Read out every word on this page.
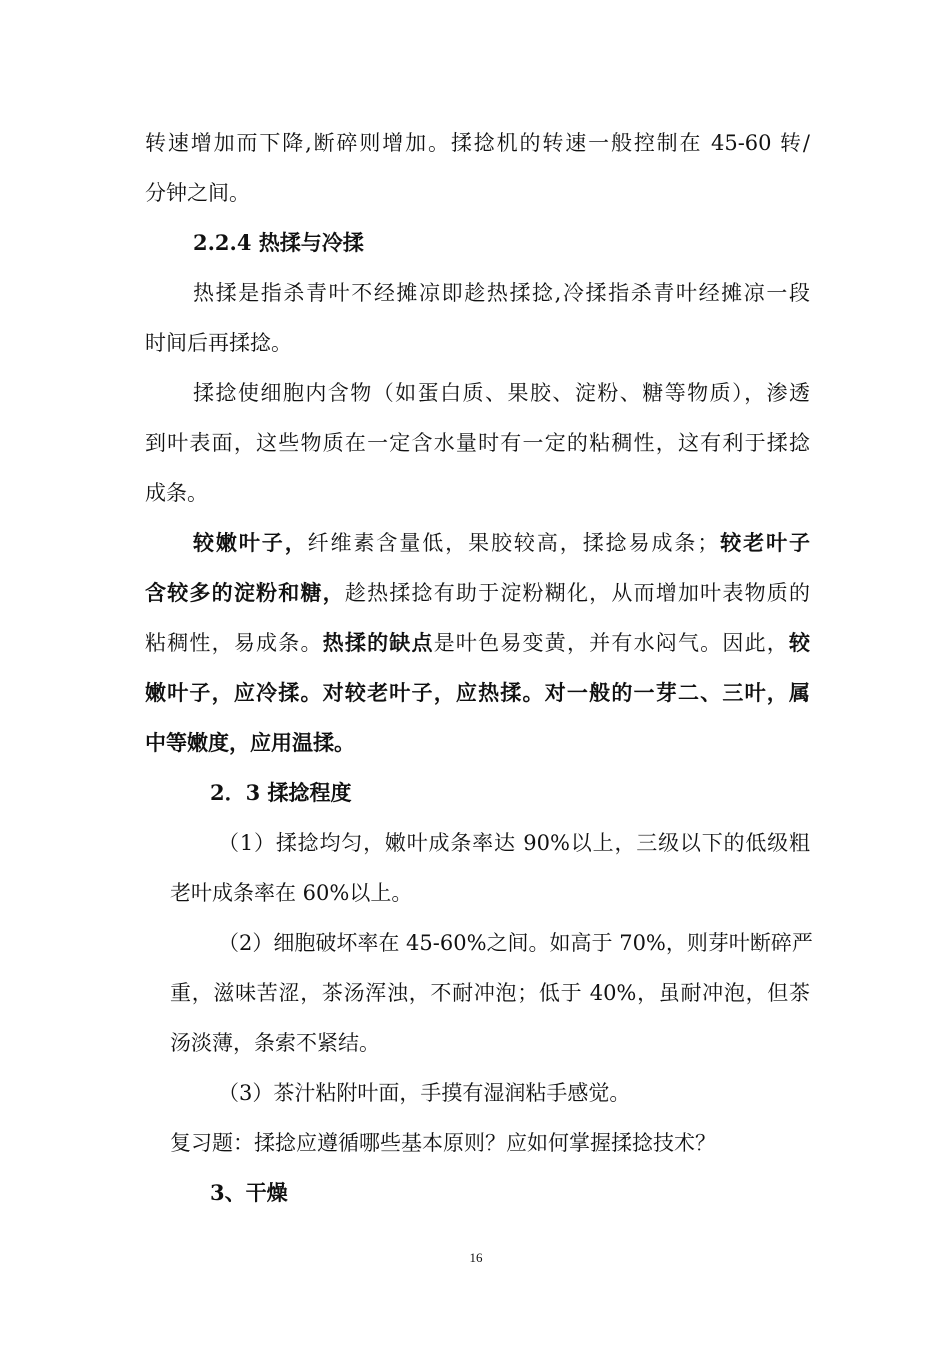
转速增加而下降,断碎则增加。揉捻机的转速一般控制在 45-60 转/
分钟之间。
2.2.4 热揉与冷揉
热揉是指杀青叶不经摊凉即趁热揉捻,冷揉指杀青叶经摊凉一段
时间后再揉捻。
揉捻使细胞内含物（如蛋白质、果胶、淀粉、糖等物质），渗透
到叶表面，这些物质在一定含水量时有一定的粘稠性，这有利于揉捻
成条。
较嫩叶子，纤维素含量低，果胶较高，揉捻易成条；较老叶子
含较多的淀粉和糖，趁热揉捻有助于淀粉糊化，从而增加叶表物质的
粘稠性，易成条。热揉的缺点是叶色易变黄，并有水闷气。因此，较
嫩叶子，应冷揉。对较老叶子，应热揉。对一般的一芽二、三叶，属
中等嫩度，应用温揉。
2．3 揉捻程度
（1）揉捻均匀，嫩叶成条率达 90%以上，三级以下的低级粗
老叶成条率在 60%以上。
（2）细胞破坏率在 45-60%之间。如高于 70%，则芽叶断碎严
重，滋味苦涩，茶汤浑浊，不耐冲泡；低于 40%，虽耐冲泡，但茶
汤淡薄，条索不紧结。
（3）茶汁粘附叶面，手摸有湿润粘手感觉。
复习题：揉捻应遵循哪些基本原则？应如何掌握揉捻技术？
3、干燥
16
